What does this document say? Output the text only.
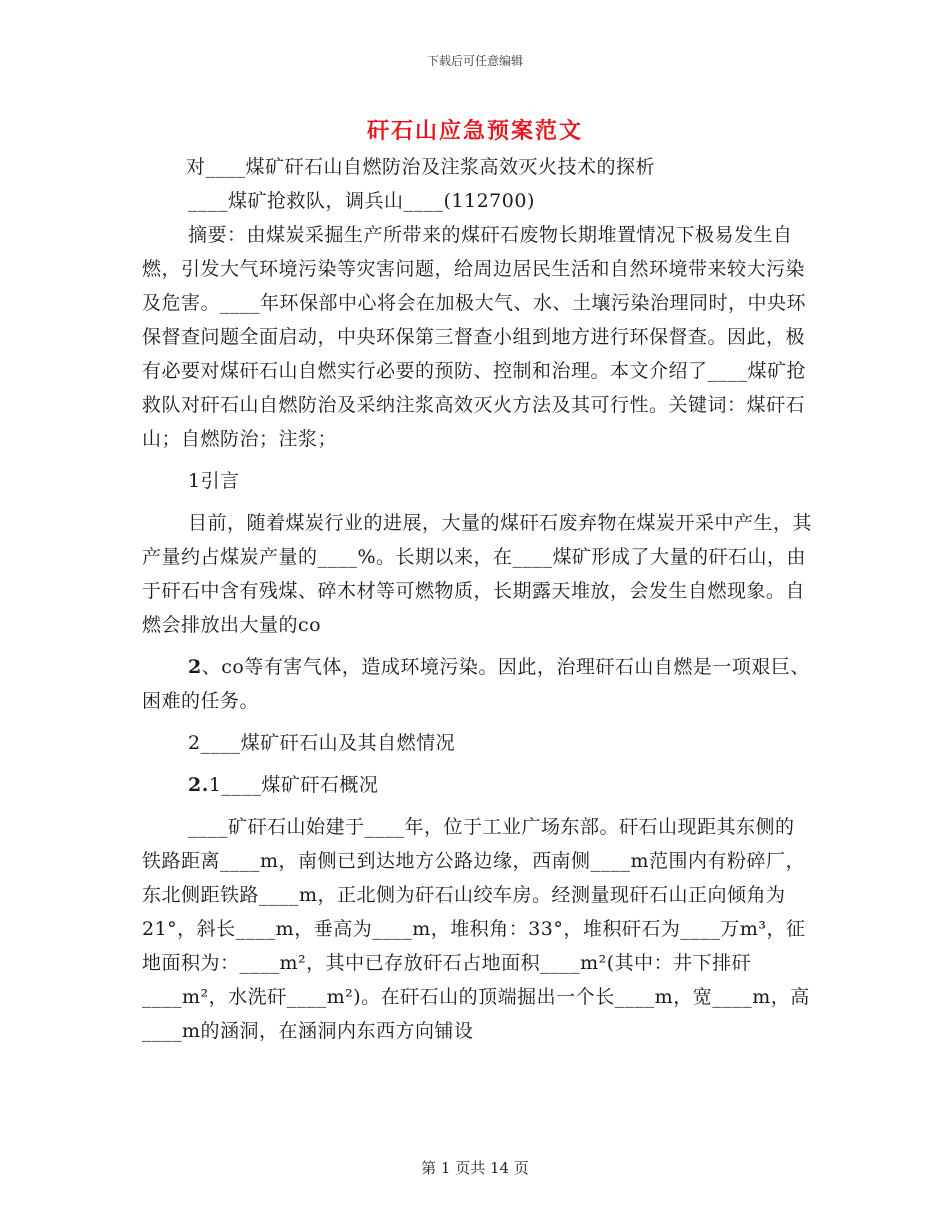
下载后可任意编辑
矸石山应急预案范文

对____煤矿矸石山自燃防治及注浆高效灭火技术的探析

____煤矿抢救队，调兵山____(112700)

摘要：由煤炭采掘生产所带来的煤矸石废物长期堆置情况下极易发生自燃，引发大气环境污染等灾害问题，给周边居民生活和自然环境带来较大污染及危害。____年环保部中心将会在加极大气、水、土壤污染治理同时，中央环保督查问题全面启动，中央环保第三督查小组到地方进行环保督查。因此，极有必要对煤矸石山自燃实行必要的预防、控制和治理。本文介绍了____煤矿抢救队对矸石山自燃防治及采纳注浆高效灭火方法及其可行性。关键词：煤矸石山；自燃防治；注浆；

1引言

目前，随着煤炭行业的进展，大量的煤矸石废弃物在煤炭开采中产生，其产量约占煤炭产量的____%。长期以来，在____煤矿形成了大量的矸石山，由于矸石中含有残煤、碎木材等可燃物质，长期露天堆放，会发生自燃现象。自燃会排放出大量的co

2、co等有害气体，造成环境污染。因此，治理矸石山自燃是一项艰巨、困难的任务。

2____煤矿矸石山及其自燃情况

2.1____煤矿矸石概况

____矿矸石山始建于____年，位于工业广场东部。矸石山现距其东侧的铁路距离____m，南侧已到达地方公路边缘，西南侧____m范围内有粉碎厂，东北侧距铁路____m，正北侧为矸石山绞车房。经测量现矸石山正向倾角为21°，斜长____m，垂高为____m，堆积角：33°，堆积矸石为____万m³，征地面积为：____m²，其中已存放矸石占地面积____m²(其中：井下排矸____m²，水洗矸____m²)。在矸石山的顶端掘出一个长____m，宽____m，高____m的涵洞，在涵洞内东西方向铺设

第 1 页共 14 页
